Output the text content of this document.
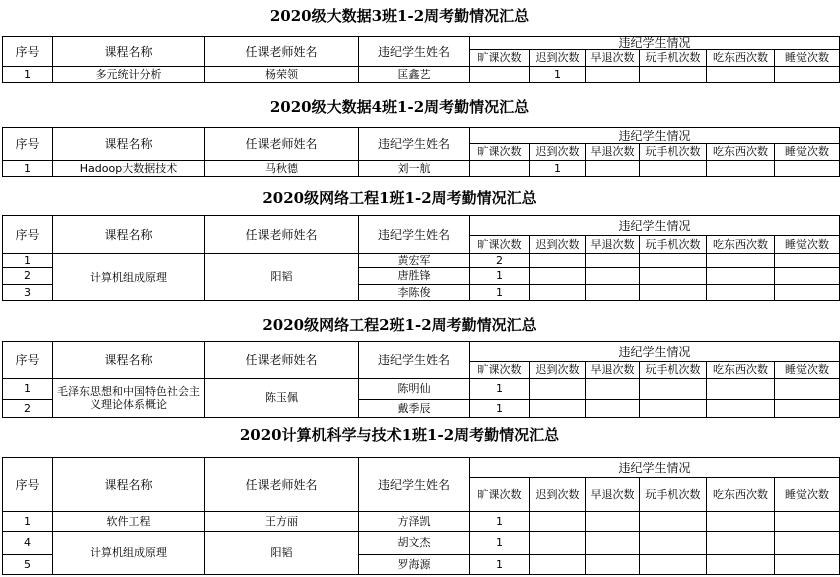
2020级大数据3班1-2周考勤情况汇总
序号	课程名称	任课老师姓名	违纪学生姓名	违纪学生情况					
				旷课次数	迟到次数	早退次数	玩手机次数	吃东西次数	睡觉次数
1	多元统计分析	杨荣领	匡鑫艺		1				
2020级大数据4班1-2周考勤情况汇总
序号	课程名称	任课老师姓名	违纪学生姓名	违纪学生情况					
				旷课次数	迟到次数	早退次数	玩手机次数	吃东西次数	睡觉次数
1	Hadoop大数据技术	马秋德	刘一航		1				
2020级网络工程1班1-2周考勤情况汇总
序号	课程名称	任课老师姓名	违纪学生姓名	违纪学生情况					
				旷课次数	迟到次数	早退次数	玩手机次数	吃东西次数	睡觉次数
1	计算机组成原理	阳韬	黄宏军	2					
2			唐胜锋	1					
3			李陈俊	1					
2020级网络工程2班1-2周考勤情况汇总
序号	课程名称	任课老师姓名	违纪学生姓名	违纪学生情况					
				旷课次数	迟到次数	早退次数	玩手机次数	吃东西次数	睡觉次数
1	毛泽东思想和中国特色社会主义理论体系概论	陈玉佩	陈明仙	1					
2			戴季辰	1					
2020计算机科学与技术1班1-2周考勤情况汇总
序号	课程名称	任课老师姓名	违纪学生姓名	违纪学生情况					
				旷课次数	迟到次数	早退次数	玩手机次数	吃东西次数	睡觉次数
1	软件工程	王方丽	方泽凯	1					
4	计算机组成原理	阳韬	胡文杰	1					
5			罗海源	1					
